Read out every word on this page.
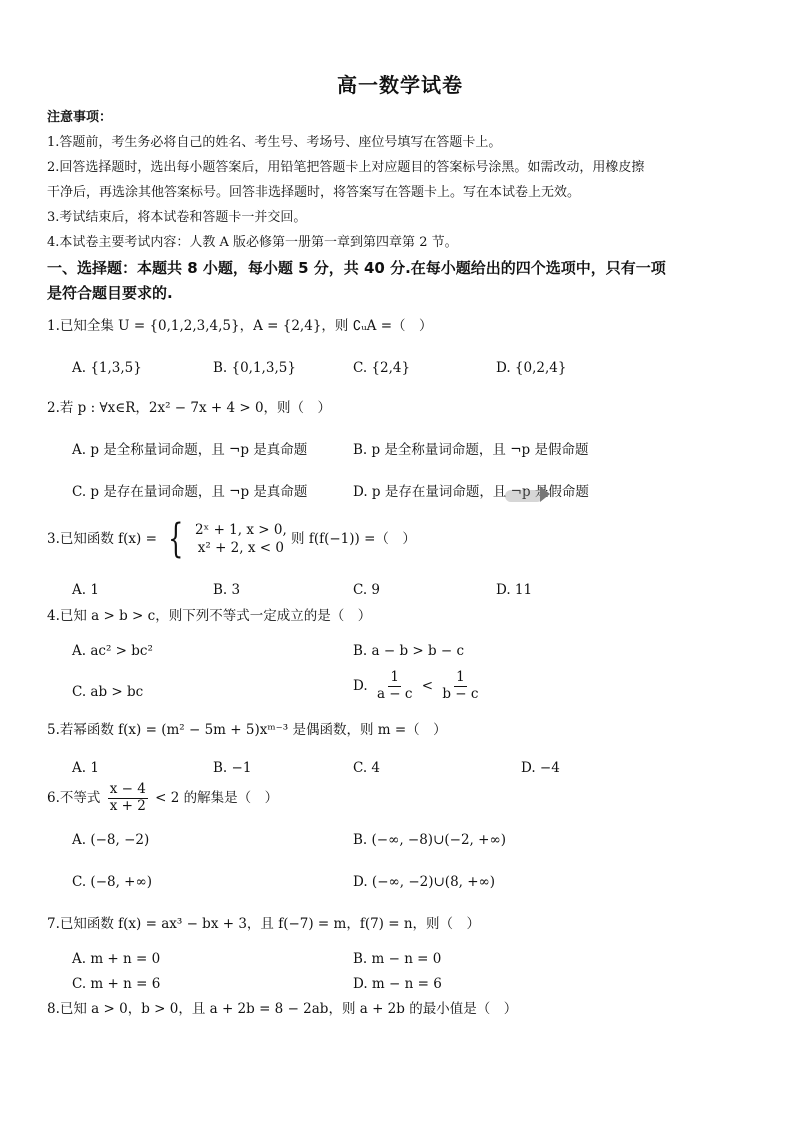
高一数学试卷
注意事项：
1.答题前，考生务必将自己的姓名、考生号、考场号、座位号填写在答题卡上。
2.回答选择题时，选出每小题答案后，用铅笔把答题卡上对应题目的答案标号涂黑。如需改动，用橡皮擦
干净后，再选涂其他答案标号。回答非选择题时，将答案写在答题卡上。写在本试卷上无效。
3.考试结束后，将本试卷和答题卡一并交回。
4.本试卷主要考试内容：人教 A 版必修第一册第一章到第四章第 2 节。
一、选择题：本题共 8 小题，每小题 5 分，共 40 分.在每小题给出的四个选项中，只有一项
是符合题目要求的.
1.已知全集 U = {0,1,2,3,4,5}，A = {2,4}，则 ∁ᵤA =（　）
A. {1,3,5}	B. {0,1,3,5}	C. {2,4}	D. {0,2,4}
2.若 p : ∀x∈R，2x² − 7x + 4 > 0，则（　）
A. p 是全称量词命题，且 ¬p 是真命题	B. p 是全称量词命题，且 ¬p 是假命题
C. p 是存在量词命题，且 ¬p 是真命题	D. p 是存在量词命题，且 ¬p 是假命题
3.已知函数 f(x) = { 2ˣ + 1, x > 0,
x² + 2, x < 0
则 f(f(−1)) =（　）
A. 1	B. 3	C. 9	D. 11
4.已知 a > b > c，则下列不等式一定成立的是（　）
A. ac² > bc²	B. a − b > b − c
C. ab > bc	D. $\frac{1}{a - c} < \frac{1}{b - c}$
5.若幂函数 f(x) = (m² − 5m + 5)xᵐ⁻³ 是偶函数，则 m =（　）
A. 1	B. −1	C. 4	D. −4
6.不等式 $\frac{x - 4}{x + 2} < 2$ 的解集是（　）
A. (−8, −2)	B. (−∞, −8)∪(−2, +∞)
C. (−8, +∞)	D. (−∞, −2)∪(8, +∞)
7.已知函数 f(x) = ax³ − bx + 3，且 f(−7) = m，f(7) = n，则（　）
A. m + n = 0	B. m − n = 0
C. m + n = 6	D. m − n = 6
8.已知 a > 0，b > 0，且 a + 2b = 8 − 2ab，则 a + 2b 的最小值是（　）
